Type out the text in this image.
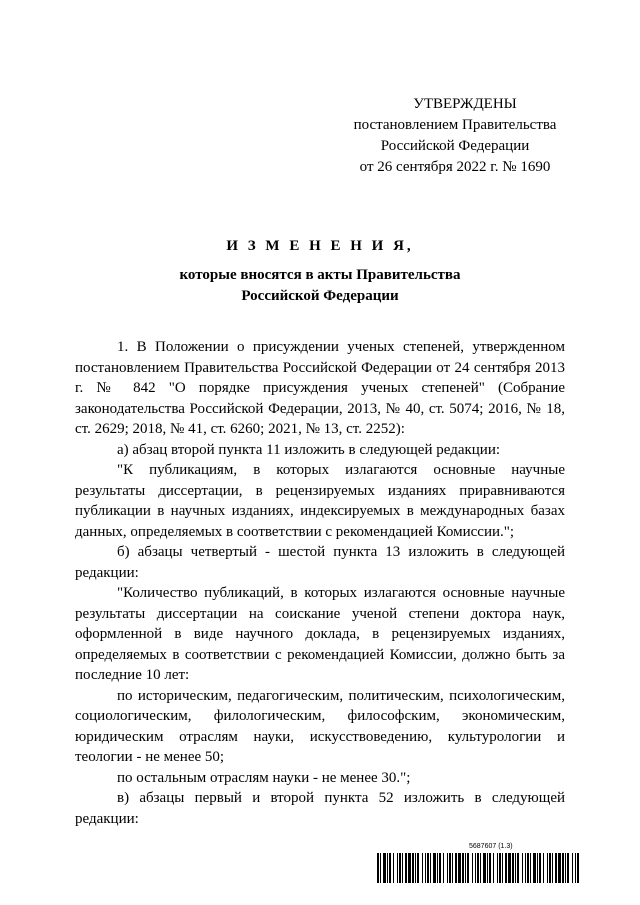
УТВЕРЖДЕНЫ
постановлением Правительства
Российской Федерации
от 26 сентября 2022 г. № 1690
И З М Е Н Е Н И Я,
которые вносятся в акты Правительства
Российской Федерации

1. В Положении о присуждении ученых степеней, утвержденном постановлением Правительства Российской Федерации от 24 сентября 2013 г. № 842 "О порядке присуждения ученых степеней" (Собрание законодательства Российской Федерации, 2013, № 40, ст. 5074; 2016, № 18, ст. 2629; 2018, № 41, ст. 6260; 2021, № 13, ст. 2252):

а) абзац второй пункта 11 изложить в следующей редакции:

"К публикациям, в которых излагаются основные научные результаты диссертации, в рецензируемых изданиях приравниваются публикации в научных изданиях, индексируемых в международных базах данных, определяемых в соответствии с рекомендацией Комиссии.";

б) абзацы четвертый - шестой пункта 13 изложить в следующей редакции:

"Количество публикаций, в которых излагаются основные научные результаты диссертации на соискание ученой степени доктора наук, оформленной в виде научного доклада, в рецензируемых изданиях, определяемых в соответствии с рекомендацией Комиссии, должно быть за последние 10 лет:

по историческим, педагогическим, политическим, психологическим, социологическим, филологическим, философским, экономическим, юридическим отраслям науки, искусствоведению, культурологии и теологии - не менее 50;

по остальным отраслям науки - не менее 30.";

в) абзацы первый и второй пункта 52 изложить в следующей редакции:

5687607 (1.3)
